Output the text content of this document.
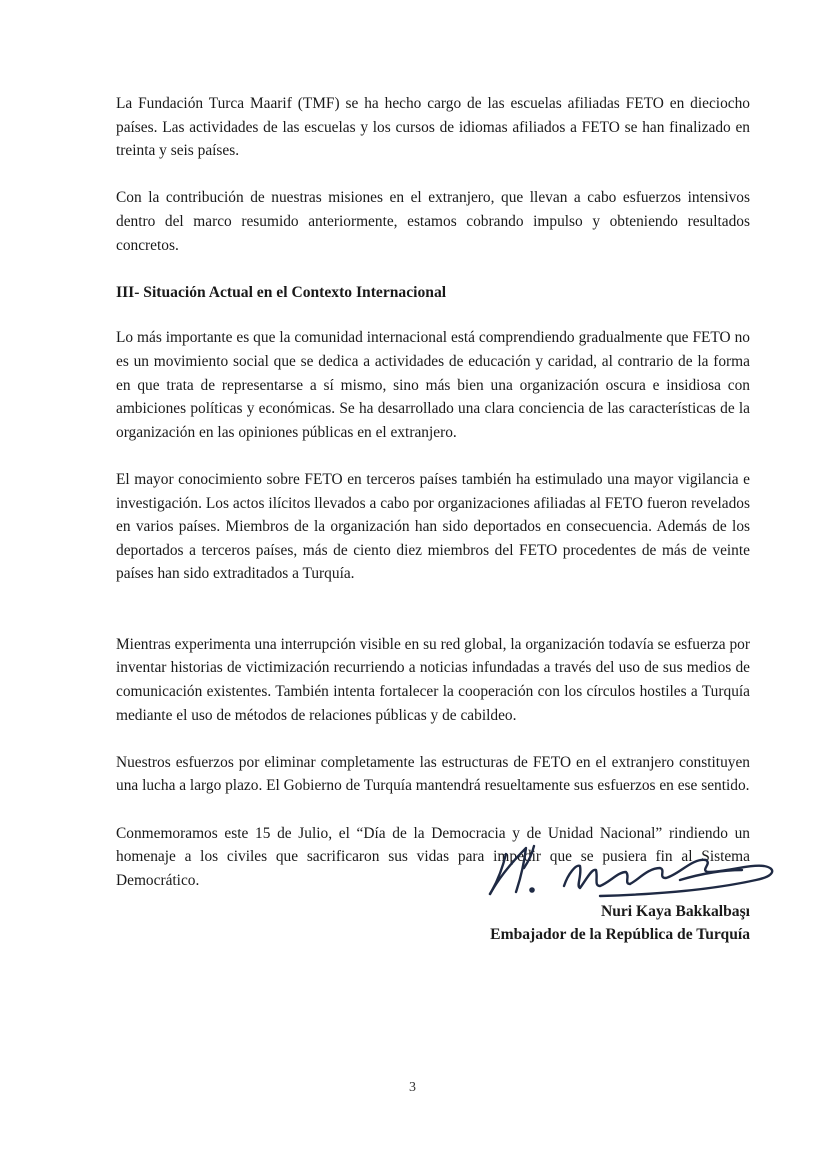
La Fundación Turca Maarif (TMF) se ha hecho cargo de las escuelas afiliadas FETO en dieciocho países. Las actividades de las escuelas y los cursos de idiomas afiliados a FETO se han finalizado en treinta y seis países.

Con la contribución de nuestras misiones en el extranjero, que llevan a cabo esfuerzos intensivos dentro del marco resumido anteriormente, estamos cobrando impulso y obteniendo resultados concretos.

III- Situación Actual en el Contexto Internacional

Lo más importante es que la comunidad internacional está comprendiendo gradualmente que FETO no es un movimiento social que se dedica a actividades de educación y caridad, al contrario de la forma en que trata de representarse a sí mismo, sino más bien una organización oscura e insidiosa con ambiciones políticas y económicas. Se ha desarrollado una clara conciencia de las características de la organización en las opiniones públicas en el extranjero.

El mayor conocimiento sobre FETO en terceros países también ha estimulado una mayor vigilancia e investigación. Los actos ilícitos llevados a cabo por organizaciones afiliadas al FETO fueron revelados en varios países. Miembros de la organización han sido deportados en consecuencia. Además de los deportados a terceros países, más de ciento diez miembros del FETO procedentes de más de veinte países han sido extraditados a Turquía.

Mientras experimenta una interrupción visible en su red global, la organización todavía se esfuerza por inventar historias de victimización recurriendo a noticias infundadas a través del uso de sus medios de comunicación existentes. También intenta fortalecer la cooperación con los círculos hostiles a Turquía mediante el uso de métodos de relaciones públicas y de cabildeo.

Nuestros esfuerzos por eliminar completamente las estructuras de FETO en el extranjero constituyen una lucha a largo plazo. El Gobierno de Turquía mantendrá resueltamente sus esfuerzos en ese sentido.

Conmemoramos este 15 de Julio, el “Día de la Democracia y de Unidad Nacional” rindiendo un homenaje a los civiles que sacrificaron sus vidas para impedir que se pusiera fin al Sistema Democrático.

Nuri Kaya Bakkalbaşı
Embajador de la República de Turquía
3
